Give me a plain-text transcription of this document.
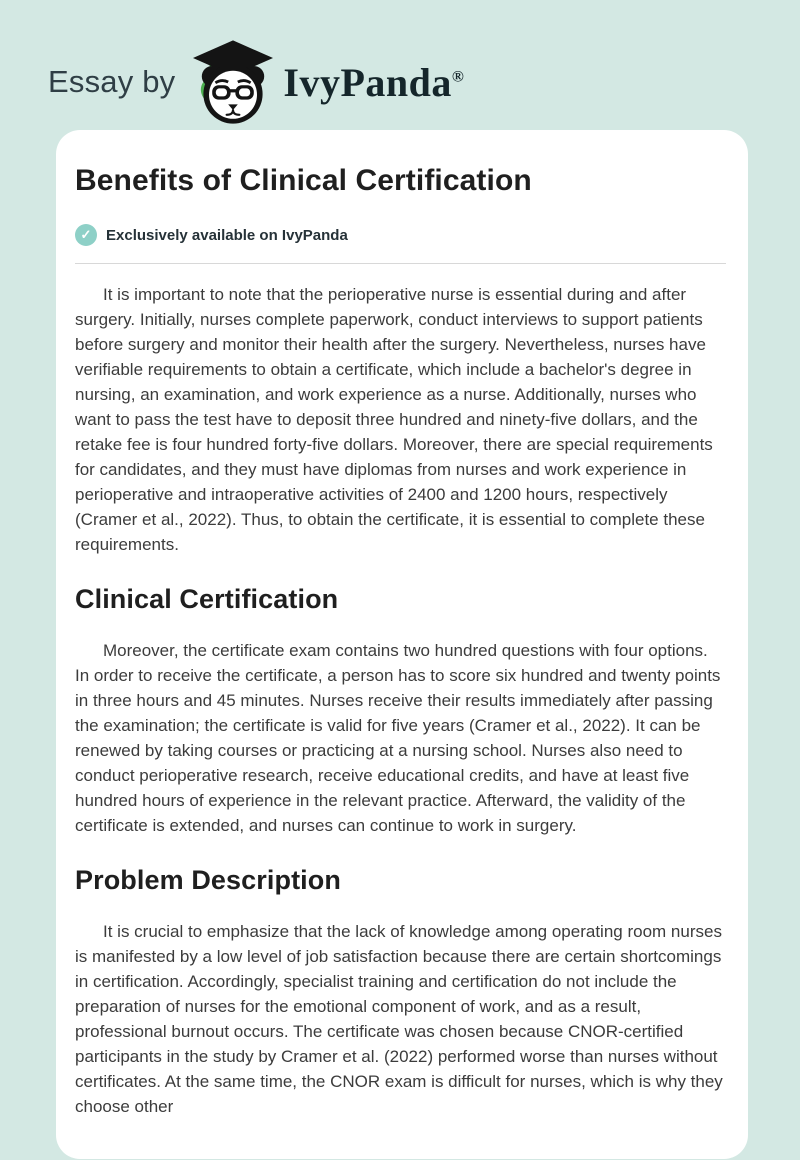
Essay by	IvyPanda®
Benefits of Clinical Certification
✓ Exclusively available on IvyPanda

It is important to note that the perioperative nurse is essential during and after surgery. Initially, nurses complete paperwork, conduct interviews to support patients before surgery and monitor their health after the surgery. Nevertheless, nurses have verifiable requirements to obtain a certificate, which include a bachelor's degree in nursing, an examination, and work experience as a nurse. Additionally, nurses who want to pass the test have to deposit three hundred and ninety-five dollars, and the retake fee is four hundred forty-five dollars. Moreover, there are special requirements for candidates, and they must have diplomas from nurses and work experience in perioperative and intraoperative activities of 2400 and 1200 hours, respectively (Cramer et al., 2022). Thus, to obtain the certificate, it is essential to complete these requirements.

Clinical Certification

Moreover, the certificate exam contains two hundred questions with four options. In order to receive the certificate, a person has to score six hundred and twenty points in three hours and 45 minutes. Nurses receive their results immediately after passing the examination; the certificate is valid for five years (Cramer et al., 2022). It can be renewed by taking courses or practicing at a nursing school. Nurses also need to conduct perioperative research, receive educational credits, and have at least five hundred hours of experience in the relevant practice. Afterward, the validity of the certificate is extended, and nurses can continue to work in surgery.

Problem Description

It is crucial to emphasize that the lack of knowledge among operating room nurses is manifested by a low level of job satisfaction because there are certain shortcomings in certification. Accordingly, specialist training and certification do not include the preparation of nurses for the emotional component of work, and as a result, professional burnout occurs. The certificate was chosen because CNOR-certified participants in the study by Cramer et al. (2022) performed worse than nurses without certificates. At the same time, the CNOR exam is difficult for nurses, which is why they choose other
